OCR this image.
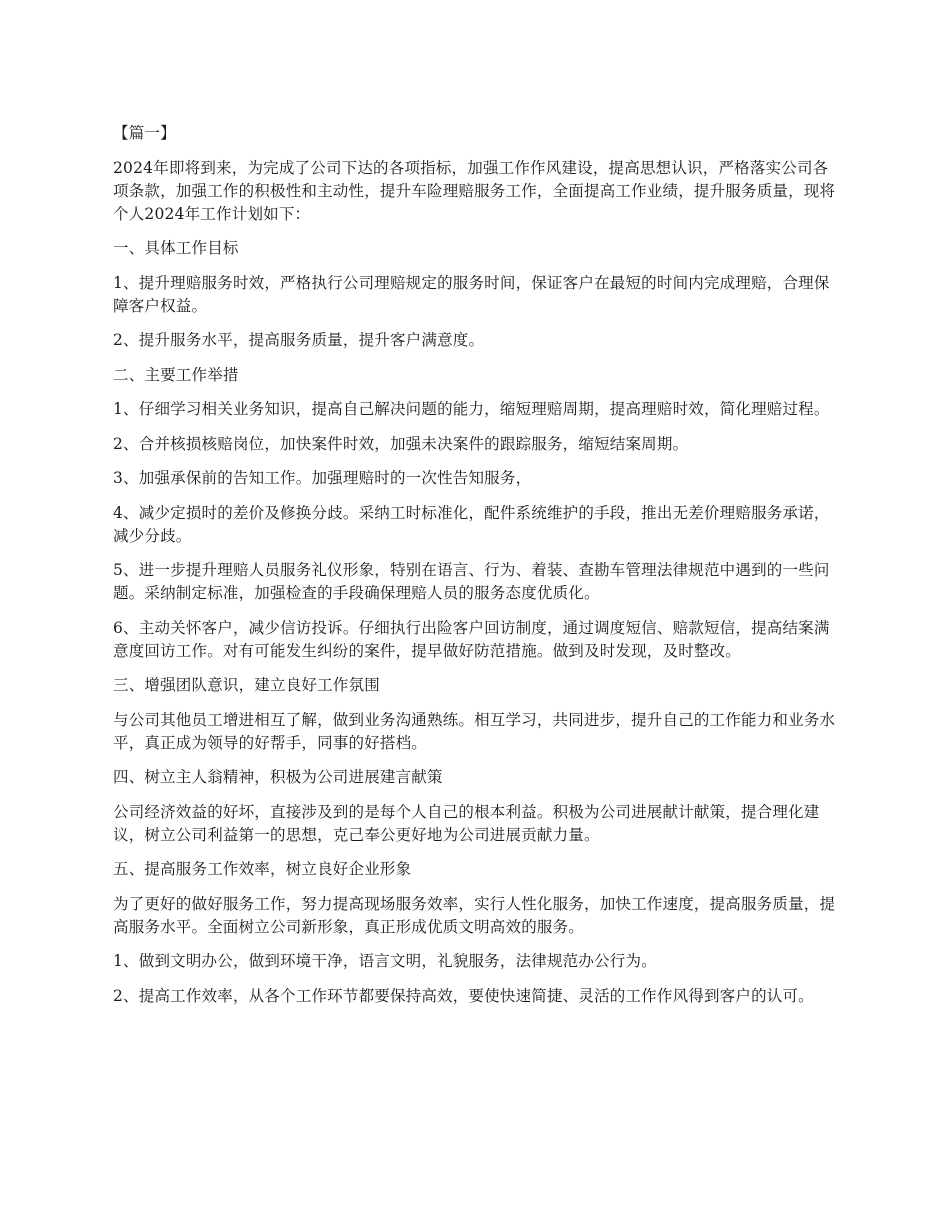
【篇一】

2024年即将到来，为完成了公司下达的各项指标，加强工作作风建设，提高思想认识，严格落实公司各项条款，加强工作的积极性和主动性，提升车险理赔服务工作，全面提高工作业绩，提升服务质量，现将个人2024年工作计划如下：

一、具体工作目标

1、提升理赔服务时效，严格执行公司理赔规定的服务时间，保证客户在最短的时间内完成理赔，合理保障客户权益。

2、提升服务水平，提高服务质量，提升客户满意度。

二、主要工作举措

1、仔细学习相关业务知识，提高自己解决问题的能力，缩短理赔周期，提高理赔时效，简化理赔过程。

2、合并核损核赔岗位，加快案件时效，加强未决案件的跟踪服务，缩短结案周期。

3、加强承保前的告知工作。加强理赔时的一次性告知服务，

4、减少定损时的差价及修换分歧。采纳工时标准化，配件系统维护的手段，推出无差价理赔服务承诺，减少分歧。

5、进一步提升理赔人员服务礼仪形象，特别在语言、行为、着装、查勘车管理法律规范中遇到的一些问题。采纳制定标准，加强检查的手段确保理赔人员的服务态度优质化。

6、主动关怀客户，减少信访投诉。仔细执行出险客户回访制度，通过调度短信、赔款短信，提高结案满意度回访工作。对有可能发生纠纷的案件，提早做好防范措施。做到及时发现，及时整改。

三、增强团队意识，建立良好工作氛围

与公司其他员工增进相互了解，做到业务沟通熟练。相互学习，共同进步，提升自己的工作能力和业务水平，真正成为领导的好帮手，同事的好搭档。

四、树立主人翁精神，积极为公司进展建言献策

公司经济效益的好坏，直接涉及到的是每个人自己的根本利益。积极为公司进展献计献策，提合理化建议，树立公司利益第一的思想，克己奉公更好地为公司进展贡献力量。

五、提高服务工作效率，树立良好企业形象

为了更好的做好服务工作，努力提高现场服务效率，实行人性化服务，加快工作速度，提高服务质量，提高服务水平。全面树立公司新形象，真正形成优质文明高效的服务。

1、做到文明办公，做到环境干净，语言文明，礼貌服务，法律规范办公行为。

2、提高工作效率，从各个工作环节都要保持高效，要使快速简捷、灵活的工作作风得到客户的认可。
